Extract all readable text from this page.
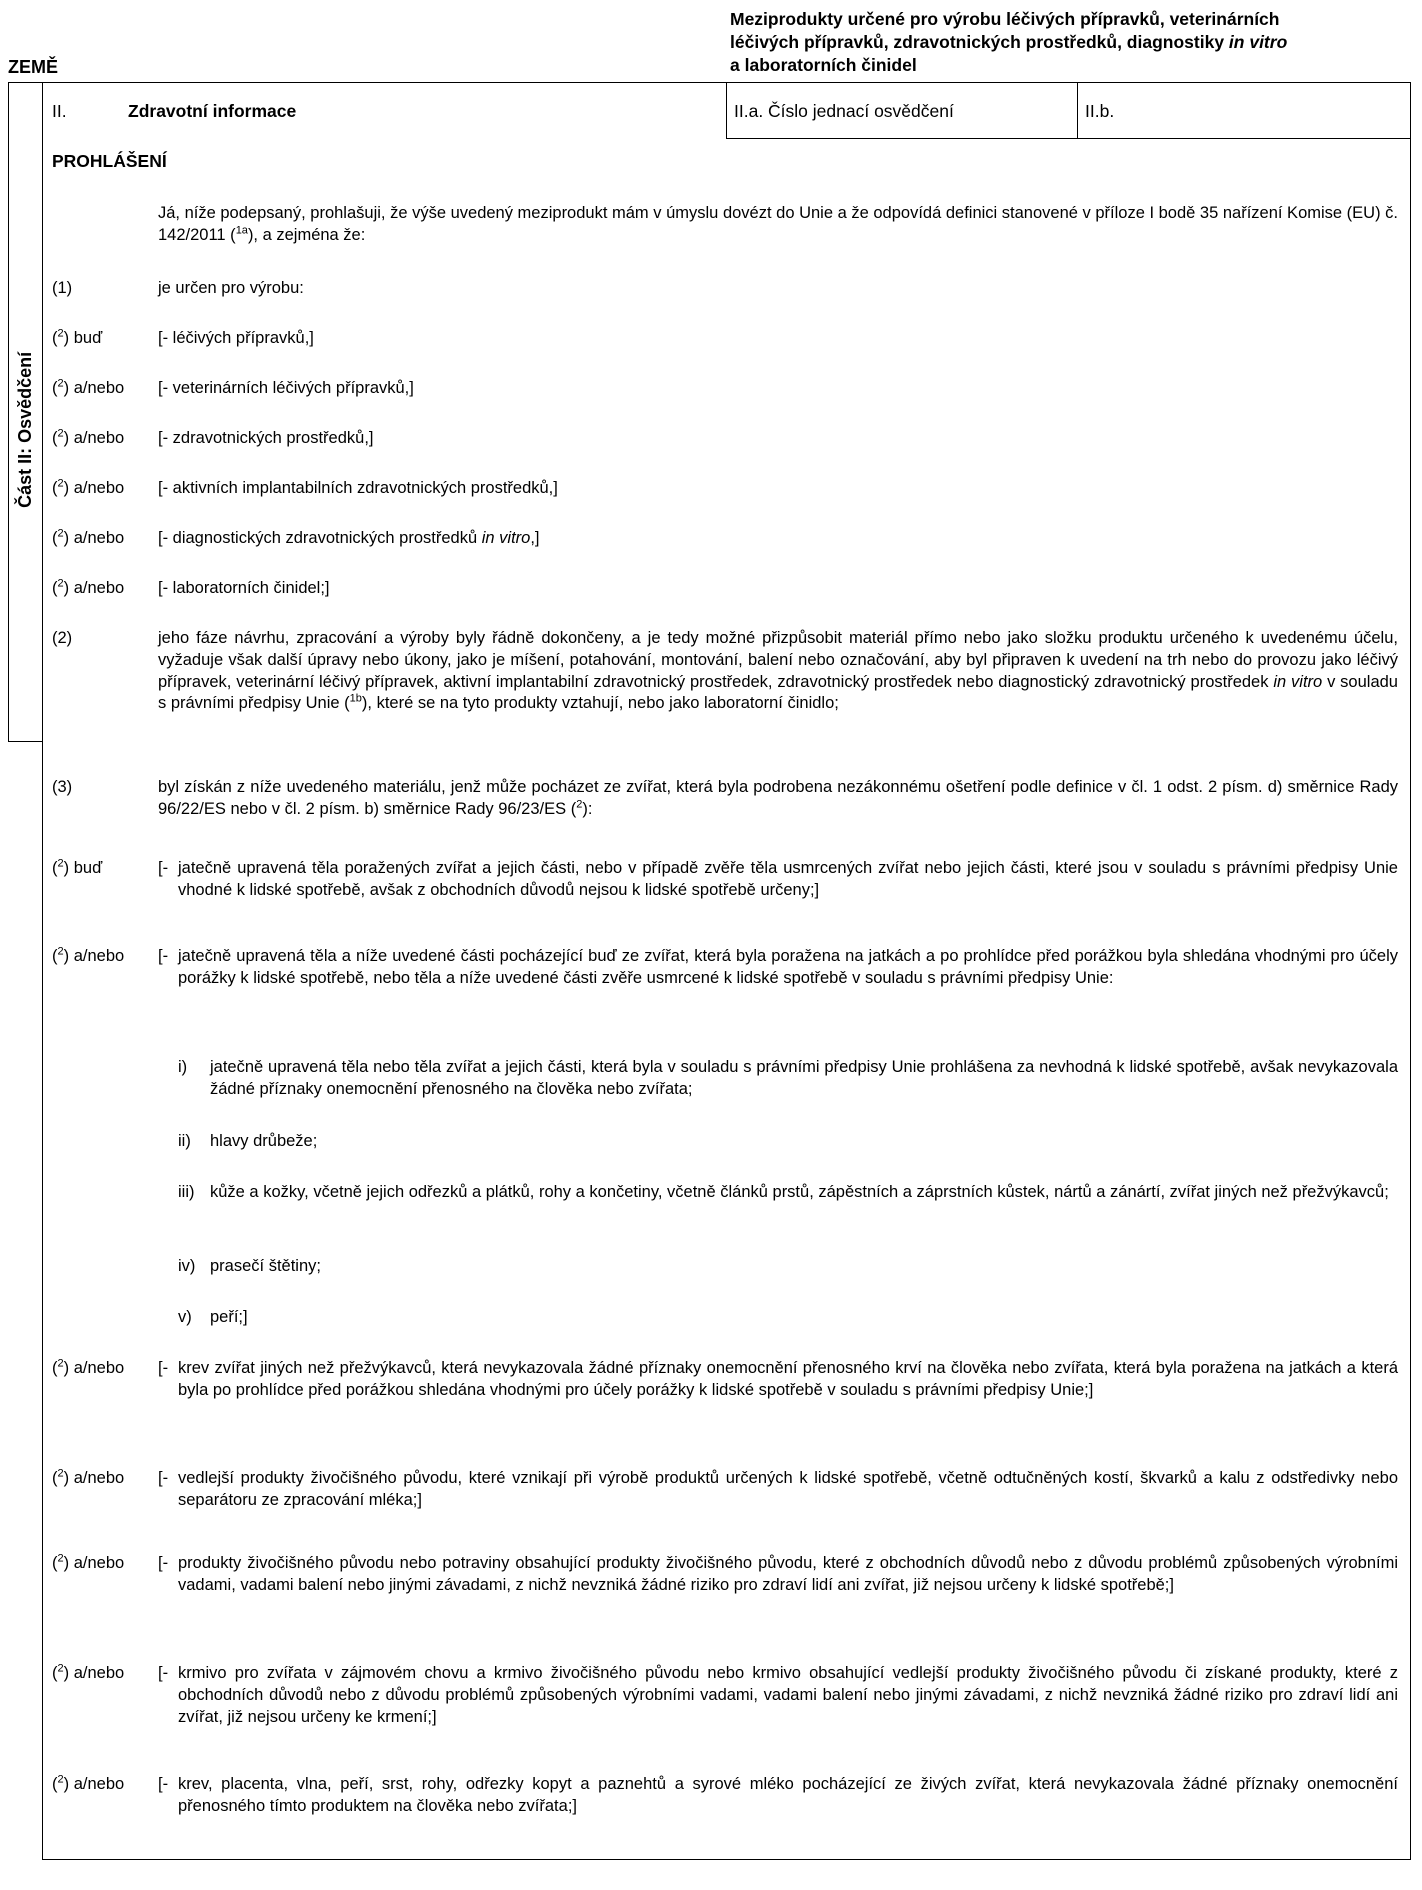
ZEMĚ
Meziprodukty určené pro výrobu léčivých přípravků, veterinárních
léčivých přípravků, zdravotnických prostředků, diagnostiky in vitro
a laboratorních činidel
II.	Zdravotní informace	II.a. Číslo jednací osvědčení	II.b.
Část II: Osvědčení
PROHLÁŠENÍ
Já, níže podepsaný, prohlašuji, že výše uvedený meziprodukt mám v úmyslu dovézt do Unie a že odpovídá definici stanovené v příloze I bodě 35 nařízení Komise (EU) č. 142/2011 ($^{1a}$), a zejména že:
(1)	je určen pro výrobu:
($^2$) buď	[- léčivých přípravků,]
($^2$) a/nebo [- veterinárních léčivých přípravků,]
($^2$) a/nebo [- zdravotnických prostředků,]
($^2$) a/nebo [- aktivních implantabilních zdravotnických prostředků,]
($^2$) a/nebo [- diagnostických zdravotnických prostředků in vitro,]
($^2$) a/nebo [- laboratorních činidel;]
(2)	jeho fáze návrhu, zpracování a výroby byly řádně dokončeny, a je tedy možné přizpůsobit materiál přímo nebo jako složku produktu určeného k uvedenému účelu, vyžaduje však další úpravy nebo úkony, jako je míšení, potahování, montování, balení nebo označování, aby byl připraven k uvedení na trh nebo do provozu jako léčivý přípravek, veterinární léčivý přípravek, aktivní implantabilní zdravotnický prostředek, zdravotnický prostředek nebo diagnostický zdravotnický prostředek in vitro v souladu s právními předpisy Unie ($^{1b}$), které se na tyto produkty vztahují, nebo jako laboratorní činidlo;
(3)	byl získán z níže uvedeného materiálu, jenž může pocházet ze zvířat, která byla podrobena nezákonnému ošetření podle definice v čl. 1 odst. 2 písm. d) směrnice Rady 96/22/ES nebo v čl. 2 písm. b) směrnice Rady 96/23/ES ($^2$):
($^2$) buď	[- jatečně upravená těla poražených zvířat a jejich části, nebo v případě zvěře těla usmrcených zvířat nebo jejich části, které jsou v souladu s právními předpisy Unie vhodné k lidské spotřebě, avšak z obchodních důvodů nejsou k lidské spotřebě určeny;]
($^2$) a/nebo [- jatečně upravená těla a níže uvedené části pocházející buď ze zvířat, která byla poražena na jatkách a po prohlídce před porážkou byla shledána vhodnými pro účely porážky k lidské spotřebě, nebo těla a níže uvedené části zvěře usmrcené k lidské spotřebě v souladu s právními předpisy Unie:
i) jatečně upravená těla nebo těla zvířat a jejich části, která byla v souladu s právními předpisy Unie prohlášena za nevhodná k lidské spotřebě, avšak nevykazovala žádné příznaky onemocnění přenosného na člověka nebo zvířata;
ii) hlavy drůbeže;
iii) kůže a kožky, včetně jejich odřezků a plátků, rohy a končetiny, včetně článků prstů, zápěstních a záprstních kůstek, nártů a zánártí, zvířat jiných než přežvýkavců;
iv) prasečí štětiny;
v) peří;]
($^2$) a/nebo [- krev zvířat jiných než přežvýkavců, která nevykazovala žádné příznaky onemocnění přenosného krví na člověka nebo zvířata, která byla poražena na jatkách a která byla po prohlídce před porážkou shledána vhodnými pro účely porážky k lidské spotřebě v souladu s právními předpisy Unie;]
($^2$) a/nebo [- vedlejší produkty živočišného původu, které vznikají při výrobě produktů určených k lidské spotřebě, včetně odtučněných kostí, škvarků a kalu z odstředivky nebo separátoru ze zpracování mléka;]
($^2$) a/nebo [- produkty živočišného původu nebo potraviny obsahující produkty živočišného původu, které z obchodních důvodů nebo z důvodu problémů způsobených výrobními vadami, vadami balení nebo jinými závadami, z nichž nevzniká žádné riziko pro zdraví lidí ani zvířat, již nejsou určeny k lidské spotřebě;]
($^2$) a/nebo [- krmivo pro zvířata v zájmovém chovu a krmivo živočišného původu nebo krmivo obsahující vedlejší produkty živočišného původu či získané produkty, které z obchodních důvodů nebo z důvodu problémů způsobených výrobními vadami, vadami balení nebo jinými závadami, z nichž nevzniká žádné riziko pro zdraví lidí ani zvířat, již nejsou určeny ke krmení;]
($^2$) a/nebo [- krev, placenta, vlna, peří, srst, rohy, odřezky kopyt a paznehtů a syrové mléko pocházející ze živých zvířat, která nevykazovala žádné příznaky onemocnění přenosného tímto produktem na člověka nebo zvířata;]
